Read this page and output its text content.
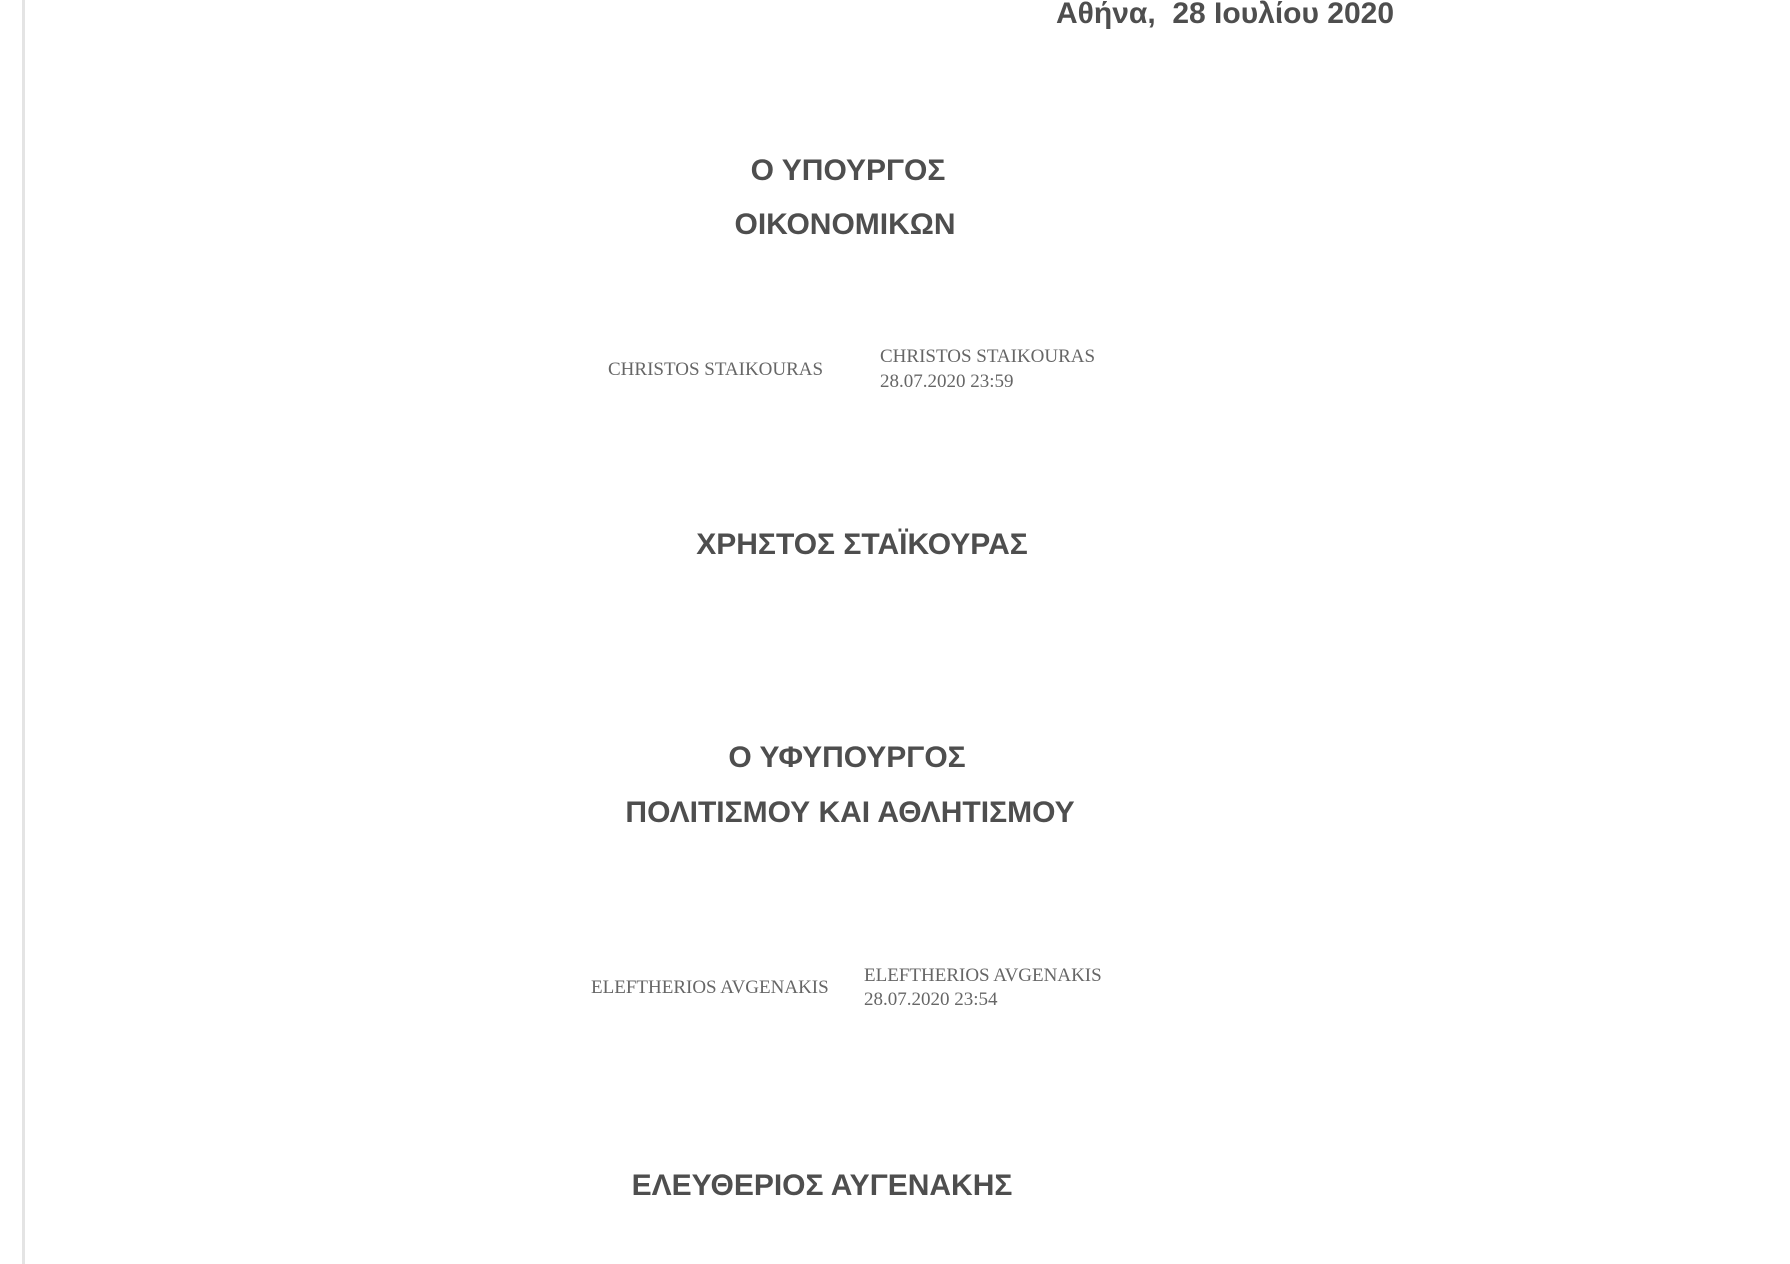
Αθήνα,  28 Ιουλίου 2020
Ο ΥΠΟΥΡΓΟΣ
ΟΙΚΟΝΟΜΙΚΩΝ
CHRISTOS STAIKOURAS
CHRISTOS STAIKOURAS
28.07.2020 23:59
ΧΡΗΣΤΟΣ ΣΤΑΪΚΟΥΡΑΣ
Ο ΥΦΥΠΟΥΡΓΟΣ
ΠΟΛΙΤΙΣΜΟΥ ΚΑΙ ΑΘΛΗΤΙΣΜΟΥ
ELEFTHERIOS AVGENAKIS
ELEFTHERIOS AVGENAKIS
28.07.2020 23:54
ΕΛΕΥΘΕΡΙΟΣ ΑΥΓΕΝΑΚΗΣ
